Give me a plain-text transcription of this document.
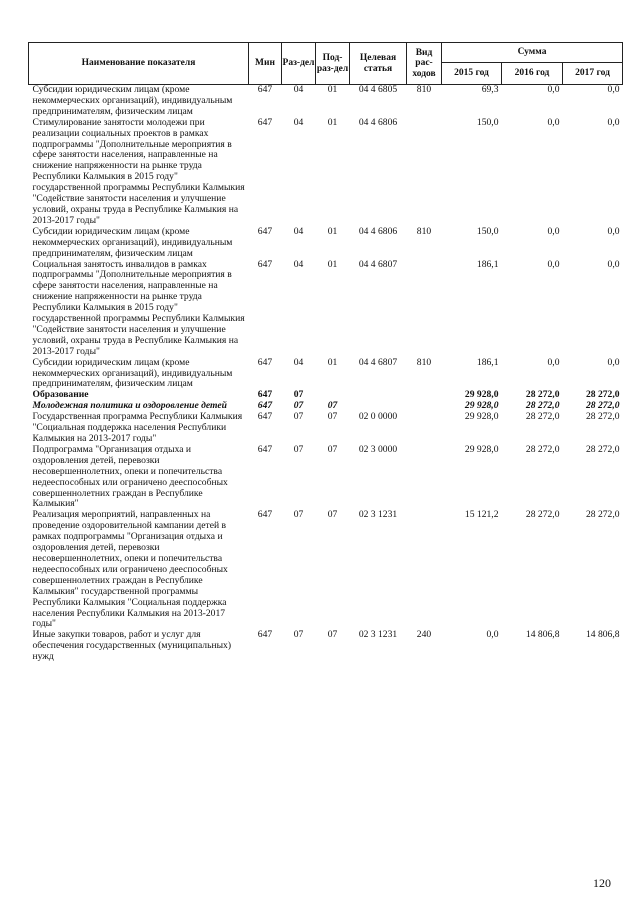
Наименование показателя	Мин	Раз-дел	Под-раз-дел	Целевая статья	Вид рас-ходов	Сумма		
						2015 год	2016 год	2017 год
Субсидии юридическим лицам (кроме некоммерческих организаций), индивидуальным предпринимателям, физическим лицам	647	04	01	04 4 6805	810	69,3	0,0	0,0
Стимулирование занятости молодежи при реализации социальных проектов в рамках подпрограммы "Дополнительные мероприятия в сфере занятости населения, направленные на снижение напряженности на рынке труда Республики Калмыкия в 2015 году" государственной программы Республики Калмыкия "Содействие занятости населения и улучшение условий, охраны труда в Республике Калмыкия на 2013-2017 годы"	647	04	01	04 4 6806		150,0	0,0	0,0
Субсидии юридическим лицам (кроме некоммерческих организаций), индивидуальным предпринимателям, физическим лицам	647	04	01	04 4 6806	810	150,0	0,0	0,0
Социальная занятость инвалидов в рамках подпрограммы "Дополнительные мероприятия в сфере занятости населения, направленные на снижение напряженности на рынке труда Республики Калмыкия в 2015 году" государственной программы Республики Калмыкия "Содействие занятости населения и улучшение условий, охраны труда в Республике Калмыкия на 2013-2017 годы"	647	04	01	04 4 6807		186,1	0,0	0,0
Субсидии юридическим лицам (кроме некоммерческих организаций), индивидуальным предпринимателям, физическим лицам	647	04	01	04 4 6807	810	186,1	0,0	0,0
Образование	647	07				29 928,0	28 272,0	28 272,0
Молодежная политика и оздоровление детей	647	07	07			29 928,0	28 272,0	28 272,0
Государственная программа Республики Калмыкия "Социальная поддержка населения Республики Калмыкия на 2013-2017 годы"	647	07	07	02 0 0000		29 928,0	28 272,0	28 272,0
Подпрограмма "Организация отдыха и оздоровления детей, перевозки несовершеннолетних, опеки и попечительства недееспособных или ограничено дееспособных совершеннолетних граждан в Республике Калмыкия"	647	07	07	02 3 0000		29 928,0	28 272,0	28 272,0
Реализация мероприятий, направленных на проведение оздоровительной кампании детей в рамках подпрограммы "Организация отдыха и оздоровления детей, перевозки несовершеннолетних, опеки и попечительства недееспособных или ограничено дееспособных совершеннолетних граждан в Республике Калмыкия" государственной программы Республики Калмыкия "Социальная поддержка населения Республики Калмыкия на 2013-2017 годы"	647	07	07	02 3 1231		15 121,2	28 272,0	28 272,0
Иные закупки товаров, работ и услуг для обеспечения государственных (муниципальных) нужд	647	07	07	02 3 1231	240	0,0	14 806,8	14 806,8
120
